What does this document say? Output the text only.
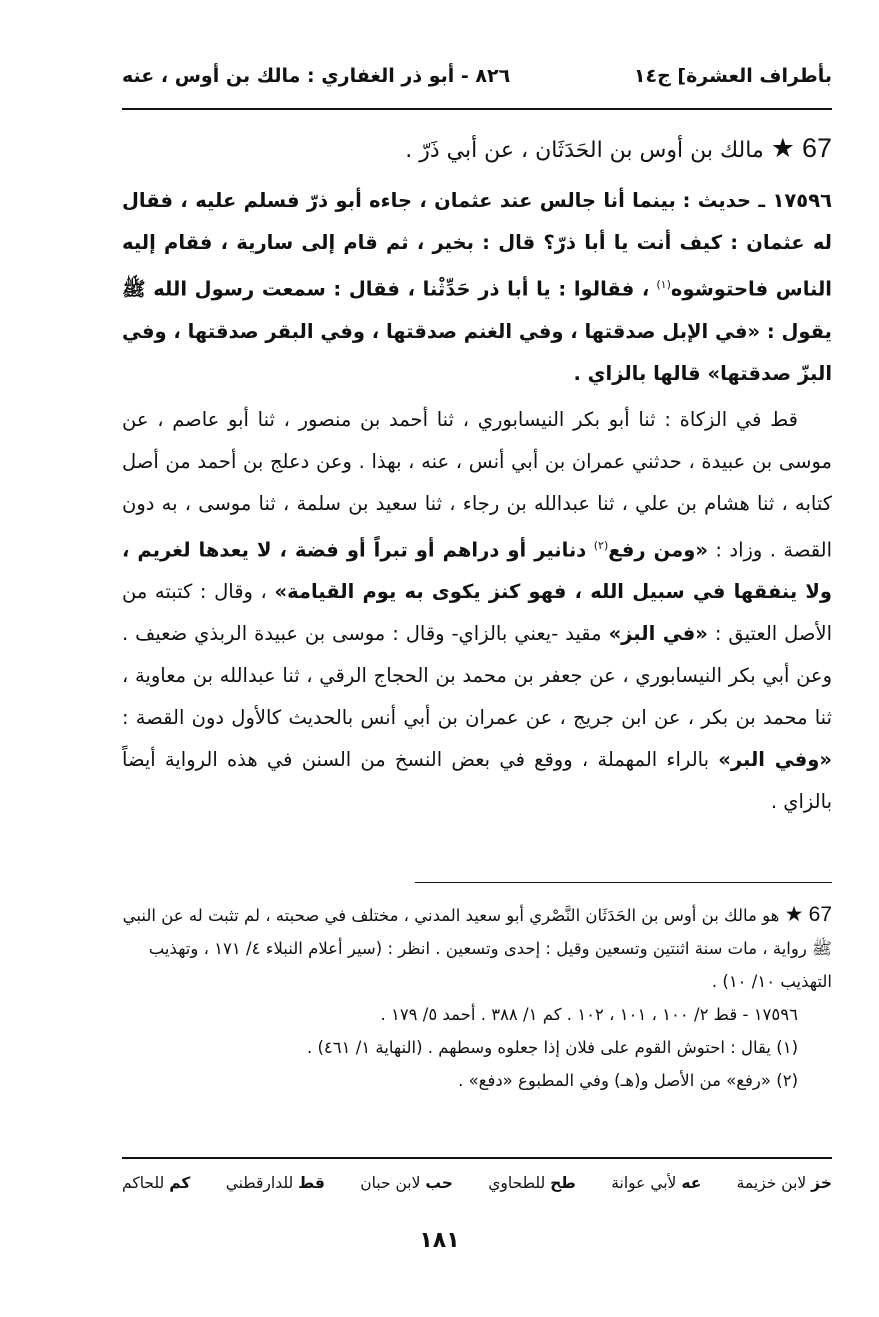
بأطراف العشرة] ج١٤
٨٢٦ - أبو ذر الغفاري : مالك بن أوس ، عنه
67 ★ مالك بن أوس بن الحَدَثَان ، عن أبي ذَرّ .

١٧٥٩٦ ـ حديث : بينما أنا جالس عند عثمان ، جاءه أبو ذرّ فسلم عليه ، فقال له عثمان : كيف أنت يا أبا ذرّ؟ قال : بخير ، ثم قام إلى سارية ، فقام إليه الناس فاحتوشوه$^{(١)}$ ، فقالوا : يا أبا ذر حَدِّثْنا ، فقال : سمعت رسول الله ﷺ يقول : «في الإبل صدقتها ، وفي الغنم صدقتها ، وفي البقر صدقتها ، وفي البزّ صدقتها» قالها بالزاي .

قط في الزكاة : ثنا أبو بكر النيسابوري ، ثنا أحمد بن منصور ، ثنا أبو عاصم ، عن موسى بن عبيدة ، حدثني عمران بن أبي أنس ، عنه ، بهذا . وعن دعلج بن أحمد من أصل كتابه ، ثنا هشام بن علي ، ثنا عبدالله بن رجاء ، ثنا سعيد بن سلمة ، ثنا موسى ، به دون القصة . وزاد : «ومن رفع$^{(٢)}$ دنانير أو دراهم أو تبراً أو فضة ، لا يعدها لغريم ، ولا ينفقها في سبيل الله ، فهو كنز يكوى به يوم القيامة» ، وقال : كتبته من الأصل العتيق : «في البز» مقيد -يعني بالزاي- وقال : موسى بن عبيدة الربذي ضعيف . وعن أبي بكر النيسابوري ، عن جعفر بن محمد بن الحجاج الرقي ، ثنا عبدالله بن معاوية ، ثنا محمد بن بكر ، عن ابن جريج ، عن عمران بن أبي أنس بالحديث كالأول دون القصة : «وفي البر» بالراء المهملة ، ووقع في بعض النسخ من السنن في هذه الرواية أيضاً بالزاي .

67 ★ هو مالك بن أوس بن الحَدَثَان النَّصْري أبو سعيد المدني ، مختلف في صحبته ، لم تثبت له عن النبي ﷺ رواية ، مات سنة اثنتين وتسعين وقيل : إحدى وتسعين . انظر : (سير أعلام النبلاء ٤/ ١٧١ ، وتهذيب التهذيب ١٠/ ١٠) .

١٧٥٩٦ - قط ٢/ ١٠٠ ، ١٠١ ، ١٠٢ . كم ١/ ٣٨٨ . أحمد ٥/ ١٧٩ .

(١) يقال : احتوش القوم على فلان إذا جعلوه وسطهم . (النهاية ١/ ٤٦١) .

(٢) «رفع» من الأصل و(هـ) وفي المطبوع «دفع» .

خز لابن خزيمة
عه لأبي عوانة
طح للطحاوي
حب لابن حبان
قط للدارقطني
كم للحاكم
١٨١
